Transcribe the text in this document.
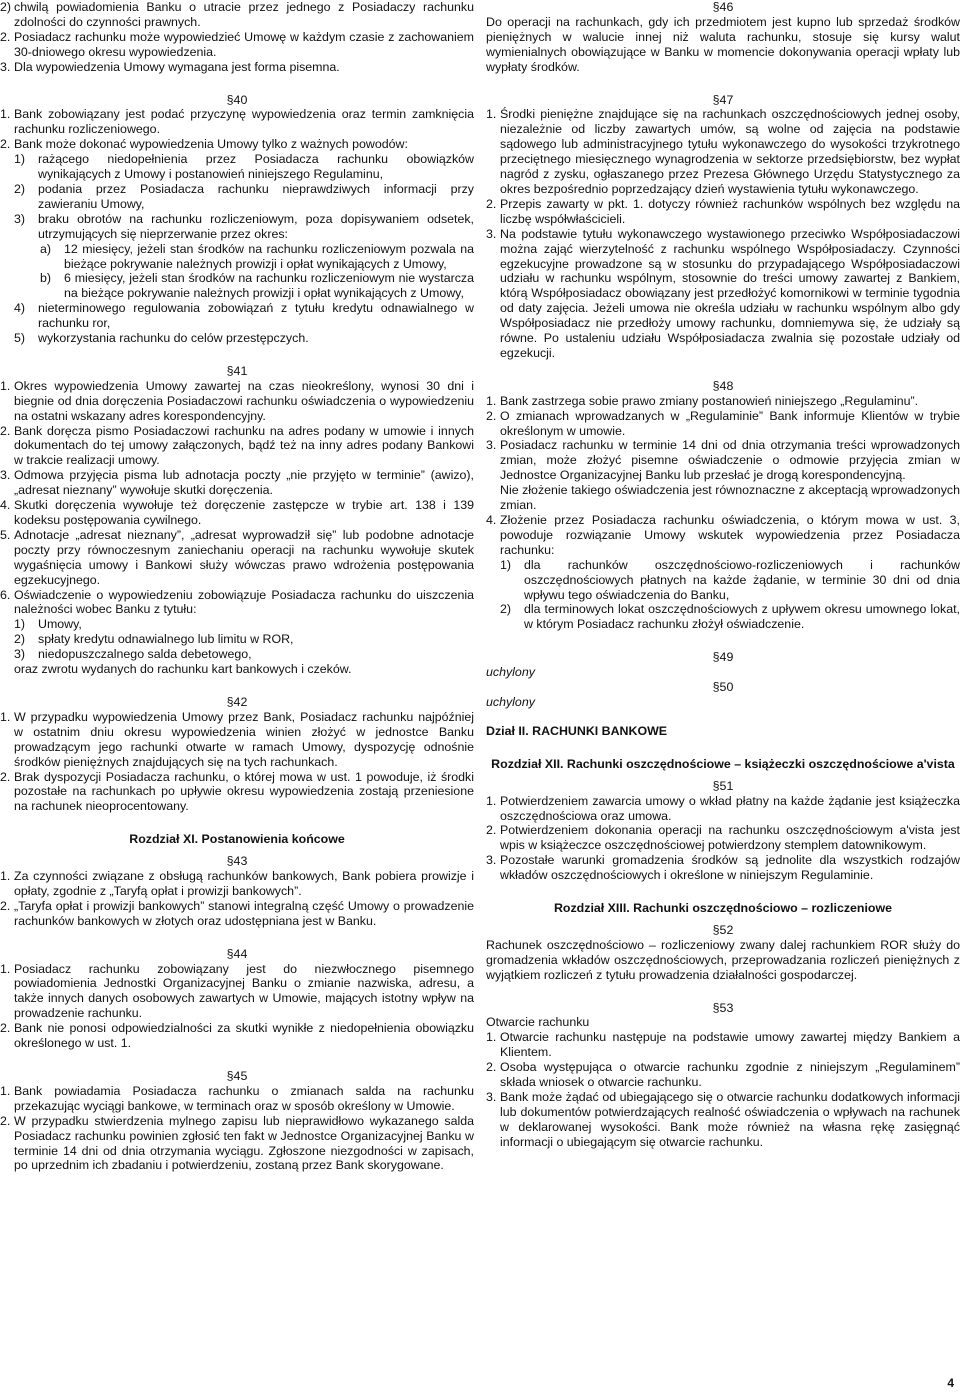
2) chwilą powiadomienia Banku o utracie przez jednego z Posiadaczy rachunku zdolności do czynności prawnych.
2. Posiadacz rachunku może wypowiedzieć Umowę w każdym czasie z zachowaniem 30-dniowego okresu wypowiedzenia.
3. Dla wypowiedzenia Umowy wymagana jest forma pisemna.

§40

1. Bank zobowiązany jest podać przyczynę wypowiedzenia oraz termin zamknięcia rachunku rozliczeniowego.
2. Bank może dokonać wypowiedzenia Umowy tylko z ważnych powodów:
1)	rażącego niedopełnienia przez Posiadacza rachunku obowiązków wynikających z Umowy i postanowień niniejszego Regulaminu,
2)	podania przez Posiadacza rachunku nieprawdziwych informacji przy zawieraniu Umowy,
3)	braku obrotów na rachunku rozliczeniowym, poza dopisywaniem odsetek, utrzymujących się nieprzerwanie przez okres:
a)	12 miesięcy, jeżeli stan środków na rachunku rozliczeniowym pozwala na bieżące pokrywanie należnych prowizji i opłat wynikających z Umowy,
b)	6 miesięcy, jeżeli stan środków na rachunku rozliczeniowym nie wystarcza na bieżące pokrywanie należnych prowizji i opłat wynikających z Umowy,
4)	nieterminowego regulowania zobowiązań z tytułu kredytu odnawialnego w rachunku ror,
5)	wykorzystania rachunku do celów przestępczych.

§41

1. Okres wypowiedzenia Umowy zawartej na czas nieokreślony, wynosi 30 dni i biegnie od dnia doręczenia Posiadaczowi rachunku oświadczenia o wypowiedzeniu na ostatni wskazany adres korespondencyjny.
2. Bank doręcza pismo Posiadaczowi rachunku na adres podany w umowie i innych dokumentach do tej umowy załączonych, bądź też na inny adres podany Bankowi w trakcie realizacji umowy.
3. Odmowa przyjęcia pisma lub adnotacja poczty „nie przyjęto w terminie” (awizo), „adresat nieznany” wywołuje skutki doręczenia.
4. Skutki doręczenia wywołuje też doręczenie zastępcze w trybie art. 138 i 139 kodeksu postępowania cywilnego.
5. Adnotacje „adresat nieznany”, „adresat wyprowadził się” lub podobne adnotacje poczty przy równoczesnym zaniechaniu operacji na rachunku wywołuje skutek wygaśnięcia umowy i Bankowi służy wówczas prawo wdrożenia postępowania egzekucyjnego.
6. Oświadczenie o wypowiedzeniu zobowiązuje Posiadacza rachunku do uiszczenia należności wobec Banku z tytułu:
1)	Umowy,
2)	spłaty kredytu odnawialnego lub limitu w ROR,
3)	niedopuszczalnego salda debetowego,

oraz zwrotu wydanych do rachunku kart bankowych i czeków.

§42

1. W przypadku wypowiedzenia Umowy przez Bank, Posiadacz rachunku najpóźniej w ostatnim dniu okresu wypowiedzenia winien złożyć w jednostce Banku prowadzącym jego rachunki otwarte w ramach Umowy, dyspozycję odnośnie środków pieniężnych znajdujących się na tych rachunkach.
2. Brak dyspozycji Posiadacza rachunku, o której mowa w ust. 1 powoduje, iż środki pozostałe na rachunkach po upływie okresu wypowiedzenia zostają przeniesione na rachunek nieoprocentowany.

Rozdział XI. Postanowienia końcowe

§43

1. Za czynności związane z obsługą rachunków bankowych, Bank pobiera prowizje i opłaty, zgodnie z „Taryfą opłat i prowizji bankowych”.
2. „Taryfa opłat i prowizji bankowych” stanowi integralną część Umowy o prowadzenie rachunków bankowych w złotych oraz udostępniana jest w Banku.

§44

1. Posiadacz rachunku zobowiązany jest do niezwłocznego pisemnego powiadomienia Jednostki Organizacyjnej Banku o zmianie nazwiska, adresu, a także innych danych osobowych zawartych w Umowie, mających istotny wpływ na prowadzenie rachunku.
2. Bank nie ponosi odpowiedzialności za skutki wynikłe z niedopełnienia obowiązku określonego w ust. 1.

§45

1. Bank powiadamia Posiadacza rachunku o zmianach salda na rachunku przekazując wyciągi bankowe, w terminach oraz w sposób określony w Umowie.
2. W przypadku stwierdzenia mylnego zapisu lub nieprawidłowo wykazanego salda Posiadacz rachunku powinien zgłosić ten fakt w Jednostce Organizacyjnej Banku w terminie 14 dni od dnia otrzymania wyciągu. Zgłoszone niezgodności w zapisach, po uprzednim ich zbadaniu i potwierdzeniu, zostaną przez Bank skorygowane.

§46

Do operacji na rachunkach, gdy ich przedmiotem jest kupno lub sprzedaż środków pieniężnych w walucie innej niż waluta rachunku, stosuje się kursy walut wymienialnych obowiązujące w Banku w momencie dokonywania operacji wpłaty lub wypłaty środków.

§47

1. Środki pieniężne znajdujące się na rachunkach oszczędnościowych jednej osoby, niezależnie od liczby zawartych umów, są wolne od zajęcia na podstawie sądowego lub administracyjnego tytułu wykonawczego do wysokości trzykrotnego przeciętnego miesięcznego wynagrodzenia w sektorze przedsiębiorstw, bez wypłat nagród z zysku, ogłaszanego przez Prezesa Głównego Urzędu Statystycznego za okres bezpośrednio poprzedzający dzień wystawienia tytułu wykonawczego.
2. Przepis zawarty w pkt. 1. dotyczy również rachunków wspólnych bez względu na liczbę współwłaścicieli.
3. Na podstawie tytułu wykonawczego wystawionego przeciwko Współposiadaczowi można zająć wierzytelność z rachunku wspólnego Współposiadaczy. Czynności egzekucyjne prowadzone są w stosunku do przypadającego Współposiadaczowi udziału w rachunku wspólnym, stosownie do treści umowy zawartej z Bankiem, którą Współposiadacz obowiązany jest przedłożyć komornikowi w terminie tygodnia od daty zajęcia. Jeżeli umowa nie określa udziału w rachunku wspólnym albo gdy Współposiadacz nie przedłoży umowy rachunku, domniemywa się, że udziały są równe. Po ustaleniu udziału Współposiadacza zwalnia się pozostałe udziały od egzekucji.

§48

1. Bank zastrzega sobie prawo zmiany postanowień niniejszego „Regulaminu”.
2. O zmianach wprowadzanych w „Regulaminie” Bank informuje Klientów w trybie określonym w umowie.
3. Posiadacz rachunku w terminie 14 dni od dnia otrzymania treści wprowadzonych zmian, może złożyć pisemne oświadczenie o odmowie przyjęcia zmian w Jednostce Organizacyjnej Banku lub przesłać je drogą korespondencyjną.

Nie złożenie takiego oświadczenia jest równoznaczne z akceptacją wprowadzonych zmian.

4. Złożenie przez Posiadacza rachunku oświadczenia, o którym mowa w ust. 3, powoduje rozwiązanie Umowy wskutek wypowiedzenia przez Posiadacza rachunku:
1)	dla rachunków oszczędnościowo-rozliczeniowych i rachunków oszczędnościowych płatnych na każde żądanie, w terminie 30 dni od dnia wpływu tego oświadczenia do Banku,
2)	dla terminowych lokat oszczędnościowych z upływem okresu umownego lokat, w którym Posiadacz rachunku złożył oświadczenie.

§49

uchylony

§50

uchylony

Dział II. RACHUNKI BANKOWE

Rozdział XII. Rachunki oszczędnościowe – książeczki oszczędnościowe a'vista

§51

1. Potwierdzeniem zawarcia umowy o wkład płatny na każde żądanie jest książeczka oszczędnościowa oraz umowa.
2. Potwierdzeniem dokonania operacji na rachunku oszczędnościowym a'vista jest wpis w książeczce oszczędnościowej potwierdzony stemplem datownikowym.
3. Pozostałe warunki gromadzenia środków są jednolite dla wszystkich rodzajów wkładów oszczędnościowych i określone w niniejszym Regulaminie.

Rozdział XIII. Rachunki oszczędnościowo – rozliczeniowe

§52

Rachunek oszczędnościowo – rozliczeniowy zwany dalej rachunkiem ROR służy do gromadzenia wkładów oszczędnościowych, przeprowadzania rozliczeń pieniężnych z wyjątkiem rozliczeń z tytułu prowadzenia działalności gospodarczej.

§53

Otwarcie rachunku

1. Otwarcie rachunku następuje na podstawie umowy zawartej między Bankiem a Klientem.
2. Osoba występująca o otwarcie rachunku zgodnie z niniejszym „Regulaminem” składa wniosek o otwarcie rachunku.
3. Bank może żądać od ubiegającego się o otwarcie rachunku dodatkowych informacji lub dokumentów potwierdzających realność oświadczenia o wpływach na rachunek w deklarowanej wysokości. Bank może również na własna rękę zasięgnąć informacji o ubiegającym się otwarcie rachunku.
4
